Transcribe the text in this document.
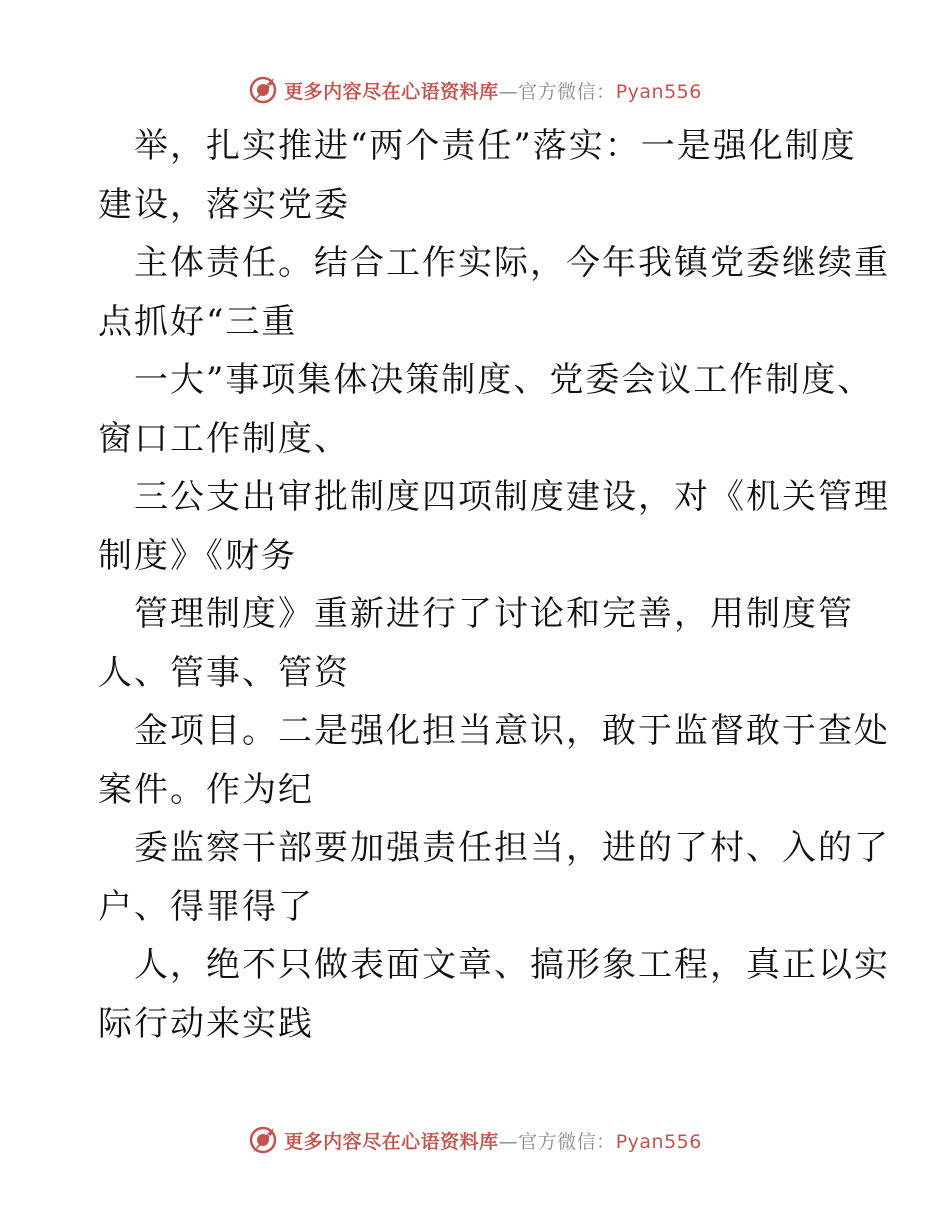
更多内容尽在心语资料库—官方微信：Pyan556

举，扎实推进“两个责任”落实：一是强化制度
建设，落实党委

主体责任。结合工作实际，今年我镇党委继续重
点抓好“三重

一大”事项集体决策制度、党委会议工作制度、
窗口工作制度、

三公支出审批制度四项制度建设，对《机关管理
制度》《财务

管理制度》重新进行了讨论和完善，用制度管
人、管事、管资

金项目。二是强化担当意识，敢于监督敢于查处
案件。作为纪

委监察干部要加强责任担当，进的了村、入的了
户、得罪得了

人，绝不只做表面文章、搞形象工程，真正以实
际行动来实践

更多内容尽在心语资料库—官方微信：Pyan556
